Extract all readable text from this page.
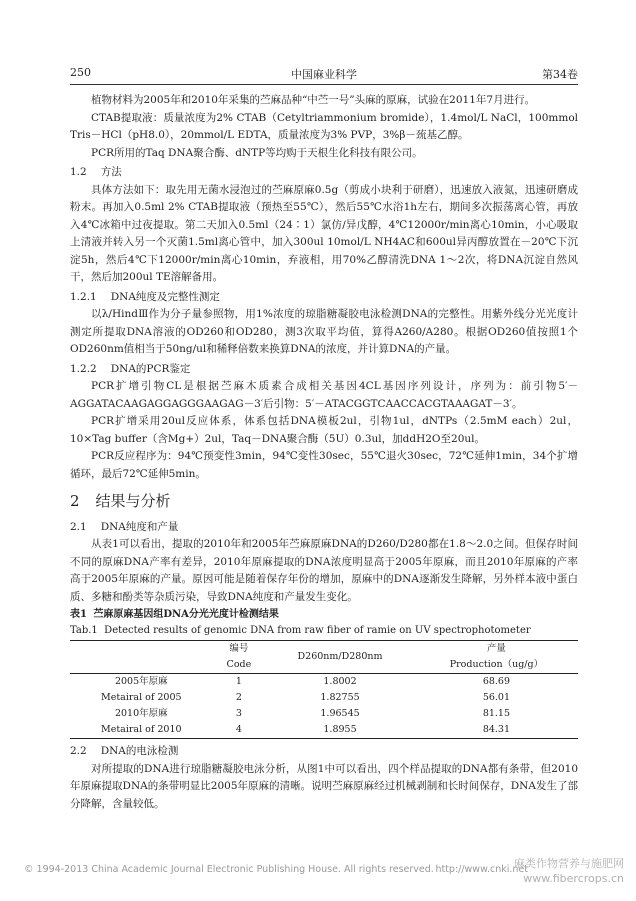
250	中国麻业科学	第34卷

植物材料为2005年和2010年采集的苎麻品种“中苎一号”头麻的原麻，试验在2011年7月进行。

CTAB提取液：质量浓度为2% CTAB（Cetyltriammonium bromide），1.4mol/L NaCl，100mmol Tris－HCl（pH8.0），20mmol/L EDTA，质量浓度为3% PVP，3%β－巯基乙醇。

PCR所用的Taq DNA聚合酶、dNTP等均购于天根生化科技有限公司。

1.2 方法

具体方法如下：取先用无菌水浸泡过的苎麻原麻0.5g（剪成小块利于研磨），迅速放入液氮，迅速研磨成粉末。再加入0.5ml 2% CTAB提取液（预热至55℃），然后55℃水浴1h左右，期间多次振荡离心管，再放入4℃冰箱中过夜提取。第二天加入0.5ml（24∶1）氯仿/异戊醇，4℃12000r/min离心10min，小心吸取上清液并转入另一个灭菌1.5ml离心管中，加入300ul 10mol/L NH4AC和600ul异丙醇放置在－20℃下沉淀5h，然后4℃下12000r/min离心10min，弃液相，用70%乙醇清洗DNA 1～2次，将DNA沉淀自然风干，然后加200ul TE溶解备用。

1.2.1 DNA纯度及完整性测定

以λ/HindⅢ作为分子量参照物，用1%浓度的琼脂糖凝胶电泳检测DNA的完整性。用紫外线分光光度计测定所提取DNA溶液的OD260和OD280，测3次取平均值，算得A260/A280。根据OD260值按照1个OD260nm值相当于50ng/ul和稀释倍数来换算DNA的浓度，并计算DNA的产量。

1.2.2 DNA的PCR鉴定

PCR扩增引物CL是根据苎麻木质素合成相关基因4CL基因序列设计，序列为：前引物5′－AGGATACAAGAGGAGGGAAGAG－3′后引物：5′－ATACGGTCAACCACGTAAAGAT－3′。

PCR扩增采用20ul反应体系，体系包括DNA模板2ul，引物1ul，dNTPs（2.5mM each）2ul，10×Tag buffer（含Mg+）2ul，Taq－DNA聚合酶（5U）0.3ul，加ddH2O至20ul。

PCR反应程序为：94℃预变性3min，94℃变性30sec，55℃退火30sec，72℃延伸1min，34个扩增循环，最后72℃延伸5min。

2 结果与分析
2.1 DNA纯度和产量

从表1可以看出，提取的2010年和2005年苎麻原麻DNA的D260/D280都在1.8～2.0之间。但保存时间不同的原麻DNA产率有差异，2010年原麻提取的DNA浓度明显高于2005年原麻，而且2010年原麻的产率高于2005年原麻的产量。原因可能是随着保存年份的增加，原麻中的DNA逐渐发生降解，另外样本液中蛋白质、多糖和酚类等杂质污染，导致DNA纯度和产量发生变化。

表1 苎麻原麻基因组DNA分光光度计检测结果
Tab.1 Detected results of genomic DNA from raw fiber of ramie on UV spectrophotometer
	编号	D260nm/D280nm	产量
	Code		Production（ug/g）
2005年原麻	1	1.8002	68.69
Metairal of 2005	2	1.82755	56.01
2010年原麻	3	1.96545	81.15
Metairal of 2010	4	1.8955	84.31
2.2 DNA的电泳检测

对所提取的DNA进行琼脂糖凝胶电泳分析，从图1中可以看出，四个样品提取的DNA都有条带，但2010年原麻提取DNA的条带明显比2005年原麻的清晰。说明苎麻原麻经过机械剥制和长时间保存，DNA发生了部分降解，含量较低。

© 1994-2013 China Academic Journal Electronic Publishing House. All rights reserved. http://www.cnki.net
麻类作物营养与施肥网
www.fibercrops.cn
